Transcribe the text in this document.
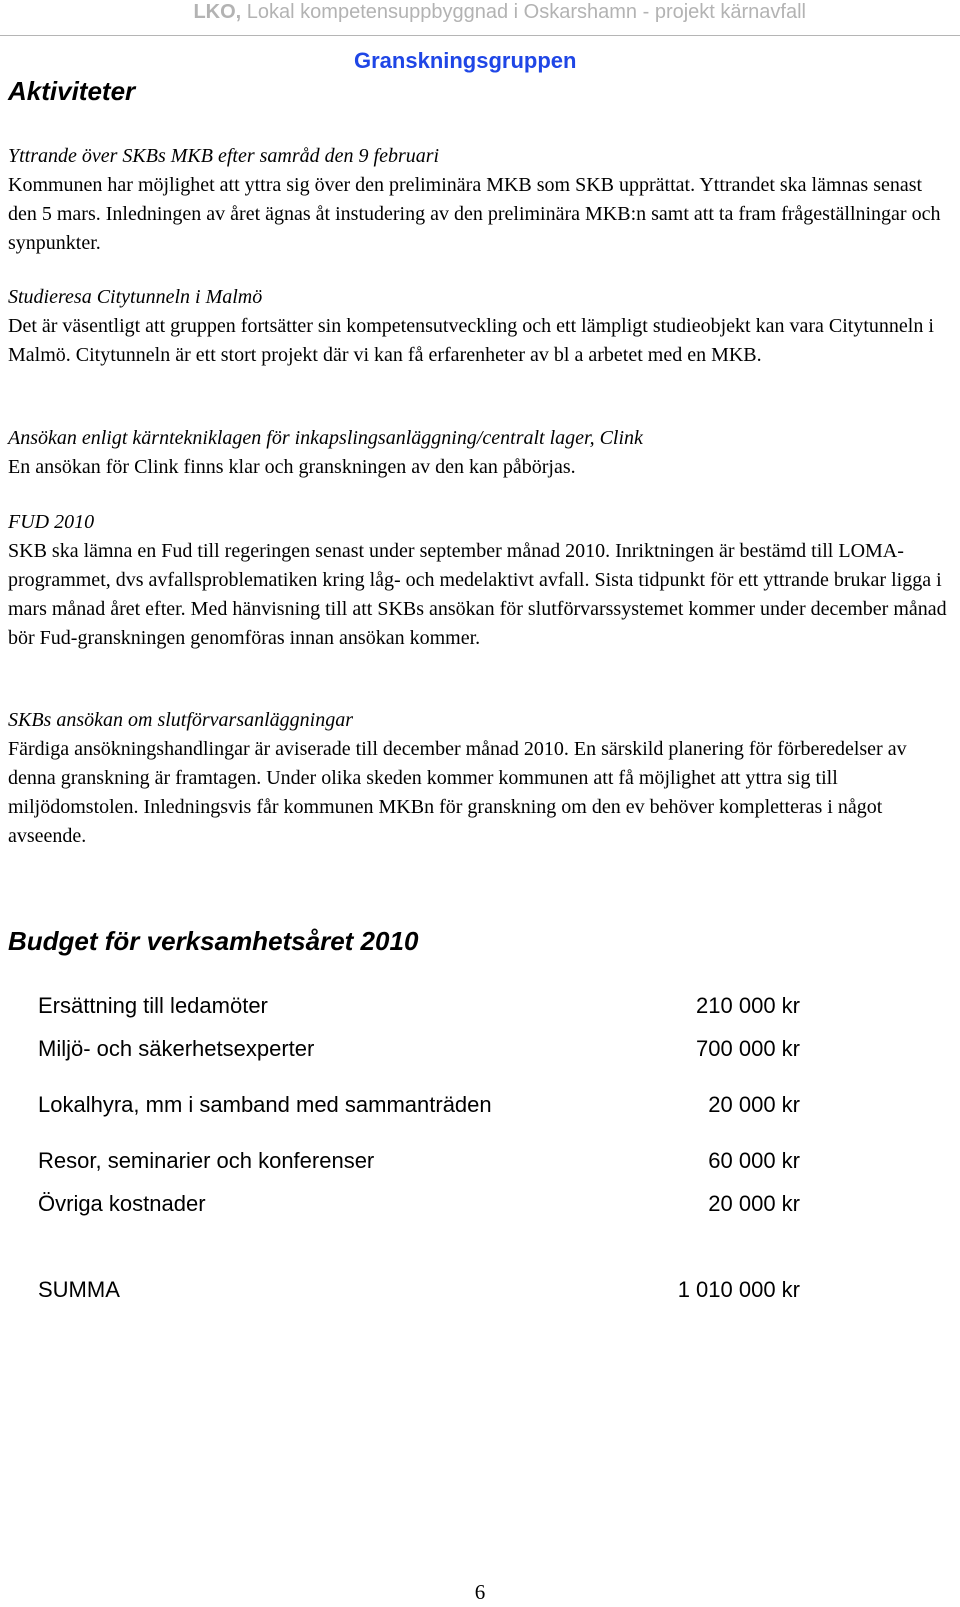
LKO, Lokal kompetensuppbyggnad i Oskarshamn - projekt kärnavfall
Granskningsgruppen
Aktiviteter

Yttrande över SKBs MKB efter samråd den 9 februari

Kommunen har möjlighet att yttra sig över den preliminära MKB som SKB upprättat. Yttrandet ska lämnas senast den 5 mars. Inledningen av året ägnas åt instudering av den preliminära MKB:n samt att ta fram frågeställningar och synpunkter.

Studieresa Citytunneln i Malmö

Det är väsentligt att gruppen fortsätter sin kompetensutveckling och ett lämpligt studieobjekt kan vara Citytunneln i Malmö. Citytunneln är ett stort projekt där vi kan få erfarenheter av bl a arbetet med en MKB.

Ansökan enligt kärntekniklagen för inkapslingsanläggning/centralt lager, Clink

En ansökan för Clink finns klar och granskningen av den kan påbörjas.

FUD 2010

SKB ska lämna en Fud till regeringen senast under september månad 2010. Inriktningen är bestämd till LOMA-programmet, dvs avfallsproblematiken kring låg- och medelaktivt avfall. Sista tidpunkt för ett yttrande brukar ligga i mars månad året efter. Med hänvisning till att SKBs ansökan för slutförvarssystemet kommer under december månad bör Fud-granskningen genomföras innan ansökan kommer.

SKBs ansökan om slutförvarsanläggningar

Färdiga ansökningshandlingar är aviserade till december månad 2010. En särskild planering för förberedelser av denna granskning är framtagen. Under olika skeden kommer kommunen att få möjlighet att yttra sig till miljödomstolen. Inledningsvis får kommunen MKBn för granskning om den ev behöver kompletteras i något avseende.

Budget för verksamhetsåret 2010
Ersättning till ledamöter	210 000 kr
Miljö- och säkerhetsexperter	700 000 kr
Lokalhyra, mm i samband med sammanträden	20 000 kr
Resor, seminarier och konferenser	60 000 kr
Övriga kostnader	20 000 kr
SUMMA	1 010 000 kr
6
